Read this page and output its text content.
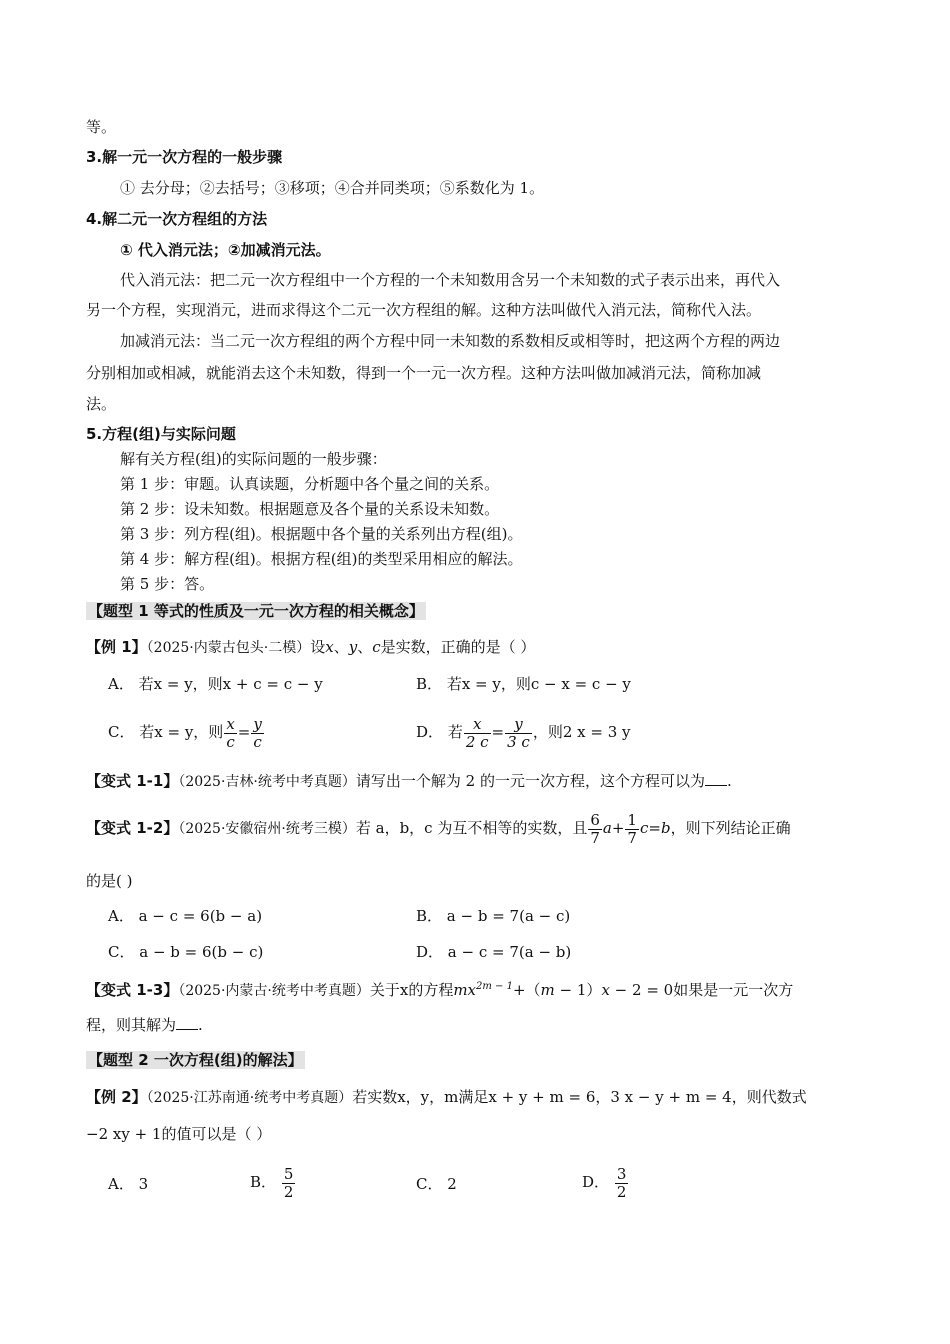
等。
3.解一元一次方程的一般步骤
① 去分母；②去括号；③移项；④合并同类项；⑤系数化为 1。
4.解二元一次方程组的方法
① 代入消元法；②加减消元法。
代入消元法：把二元一次方程组中一个方程的一个未知数用含另一个未知数的式子表示出来，再代入
另一个方程，实现消元，进而求得这个二元一次方程组的解。这种方法叫做代入消元法，简称代入法。
加减消元法：当二元一次方程组的两个方程中同一未知数的系数相反或相等时，把这两个方程的两边
分别相加或相减，就能消去这个未知数，得到一个一元一次方程。这种方法叫做加减消元法，简称加减
法。
5.方程(组)与实际问题
解有关方程(组)的实际问题的一般步骤：
第 1 步：审题。认真读题，分析题中各个量之间的关系。
第 2 步：设未知数。根据题意及各个量的关系设未知数。
第 3 步：列方程(组)。根据题中各个量的关系列出方程(组)。
第 4 步：解方程(组)。根据方程(组)的类型采用相应的解法。
第 5 步：答。
【题型 1 等式的性质及一元一次方程的相关概念】
【例 1】（2025·内蒙古包头·二模）设x、y、c是实数，正确的是（ ）
A． 若x = y，则x + c = c − y	B． 若x = y，则c − x = c − y
C． 若x = y，则 $\frac{x}{c} = \frac{y}{c}$	D． 若 $\frac{x}{2 c} = \frac{y}{3 c}$ ，则2 x = 3 y
【变式 1-1】（2025·吉林·统考中考真题）请写出一个解为 2 的一元一次方程，这个方程可以为 .
【变式 1-2】（2025·安徽宿州·统考三模）若 a，b，c 为互不相等的实数，且 $\frac{6}{7} a+ \frac{1}{7} c=b$，则下列结论正确
的是( )
A． a − c = 6(b − a)	B． a − b = 7(a − c)
C． a − b = 6(b − c)	D． a − c = 7(a − b)
【变式 1-3】（2025·内蒙古·统考中考真题）关于x的方程$mx^{2m - 1}+(m - 1)x - 2 = 0$如果是一元一次方
程，则其解为 .
【题型 2 一次方程(组)的解法】
【例 2】（2025·江苏南通·统考中考真题）若实数x，y，m满足x + y + m = 6，3 x − y + m = 4，则代数式
−2 xy + 1的值可以是（ ）
A． 3	B． $\frac{5}{2}$	C． 2	D． $\frac{3}{2}$
